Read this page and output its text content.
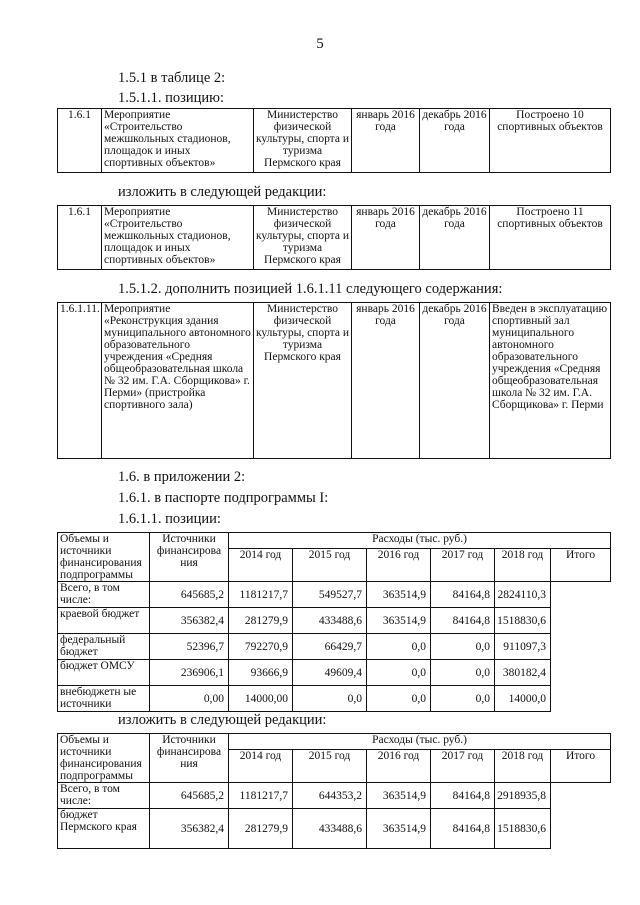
5
1.5.1 в таблице 2:
1.5.1.1. позицию:
1.6.1	Мероприятие «Строительство межшкольных стадионов, площадок и иных спортивных объектов»	Министерство физической культуры, спорта и туризма Пермского края	январь 2016 года	декабрь 2016 года	Построено 10 спортивных объектов
изложить в следующей редакции:
1.6.1	Мероприятие «Строительство межшкольных стадионов, площадок и иных спортивных объектов»	Министерство физической культуры, спорта и туризма Пермского края	январь 2016 года	декабрь 2016 года	Построено 11 спортивных объектов
1.5.1.2. дополнить позицией 1.6.1.11 следующего содержания:
1.6.1.11.	Мероприятие «Реконструкция здания муниципального автономного образовательного учреждения «Средняя общеобразовательная школа № 32 им. Г.А. Сборщикова» г. Перми» (пристройка спортивного зала)	Министерство физической культуры, спорта и туризма Пермского края	январь 2016 года	декабрь 2016 года	Введен в эксплуатацию спортивный зал муниципального автономного образовательного учреждения «Средняя общеобразовательная школа № 32 им. Г.А. Сборщикова» г. Перми
1.6. в приложении 2:
1.6.1. в паспорте подпрограммы I:
1.6.1.1. позиции:
Объемы и источники финансирования подпрограммы	Источники финансирова ния	Расходы (тыс. руб.)					
		2014 год	2015 год	2016 год	2017 год	2018 год	Итого
Всего, в том числе:	645685,2	1181217,7	549527,7	363514,9	84164,8	2824110,3	
краевой бюджет	356382,4	281279,9	433488,6	363514,9	84164,8	1518830,6	
федеральный бюджет	52396,7	792270,9	66429,7	0,0	0,0	911097,3	
бюджет ОМСУ	236906,1	93666,9	49609,4	0,0	0,0	380182,4	
внебюджетн ые источники	0,00	14000,00	0,0	0,0	0,0	14000,0	
изложить в следующей редакции:
Объемы и источники финансирования подпрограммы	Источники финансирова ния	Расходы (тыс. руб.)					
		2014 год	2015 год	2016 год	2017 год	2018 год	Итого
Всего, в том числе:	645685,2	1181217,7	644353,2	363514,9	84164,8	2918935,8	
бюджет Пермского края	356382,4	281279,9	433488,6	363514,9	84164,8	1518830,6	
